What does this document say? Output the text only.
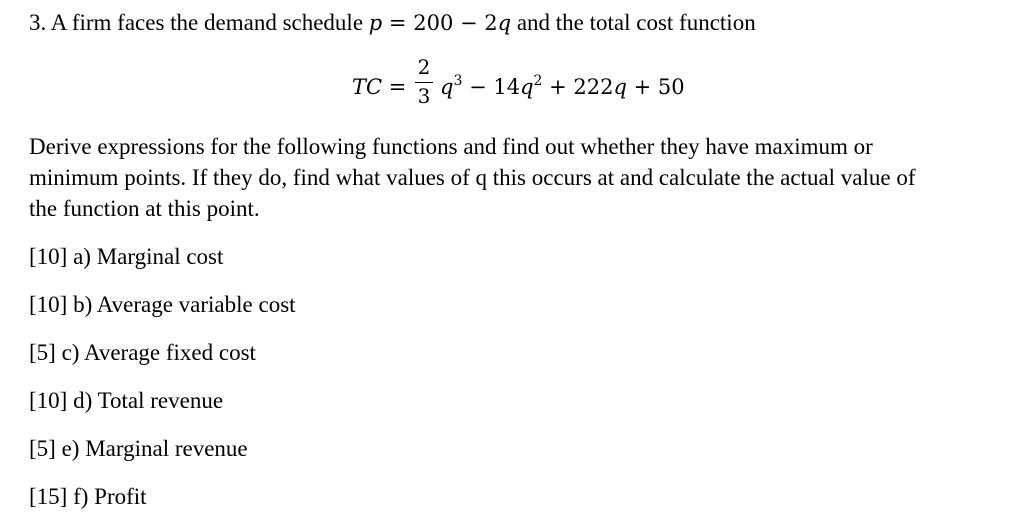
3. A firm faces the demand schedule p = 200 − 2q and the total cost function
TC =
2
3 $q^3 - 14q^2 + 222q + 50$
Derive expressions for the following functions and find out whether they have maximum or
minimum points. If they do, find what values of q this occurs at and calculate the actual value of
the function at this point.
[10] a) Marginal cost
[10] b) Average variable cost
[5] c) Average fixed cost
[10] d) Total revenue
[5] e) Marginal revenue
[15] f) Profit
